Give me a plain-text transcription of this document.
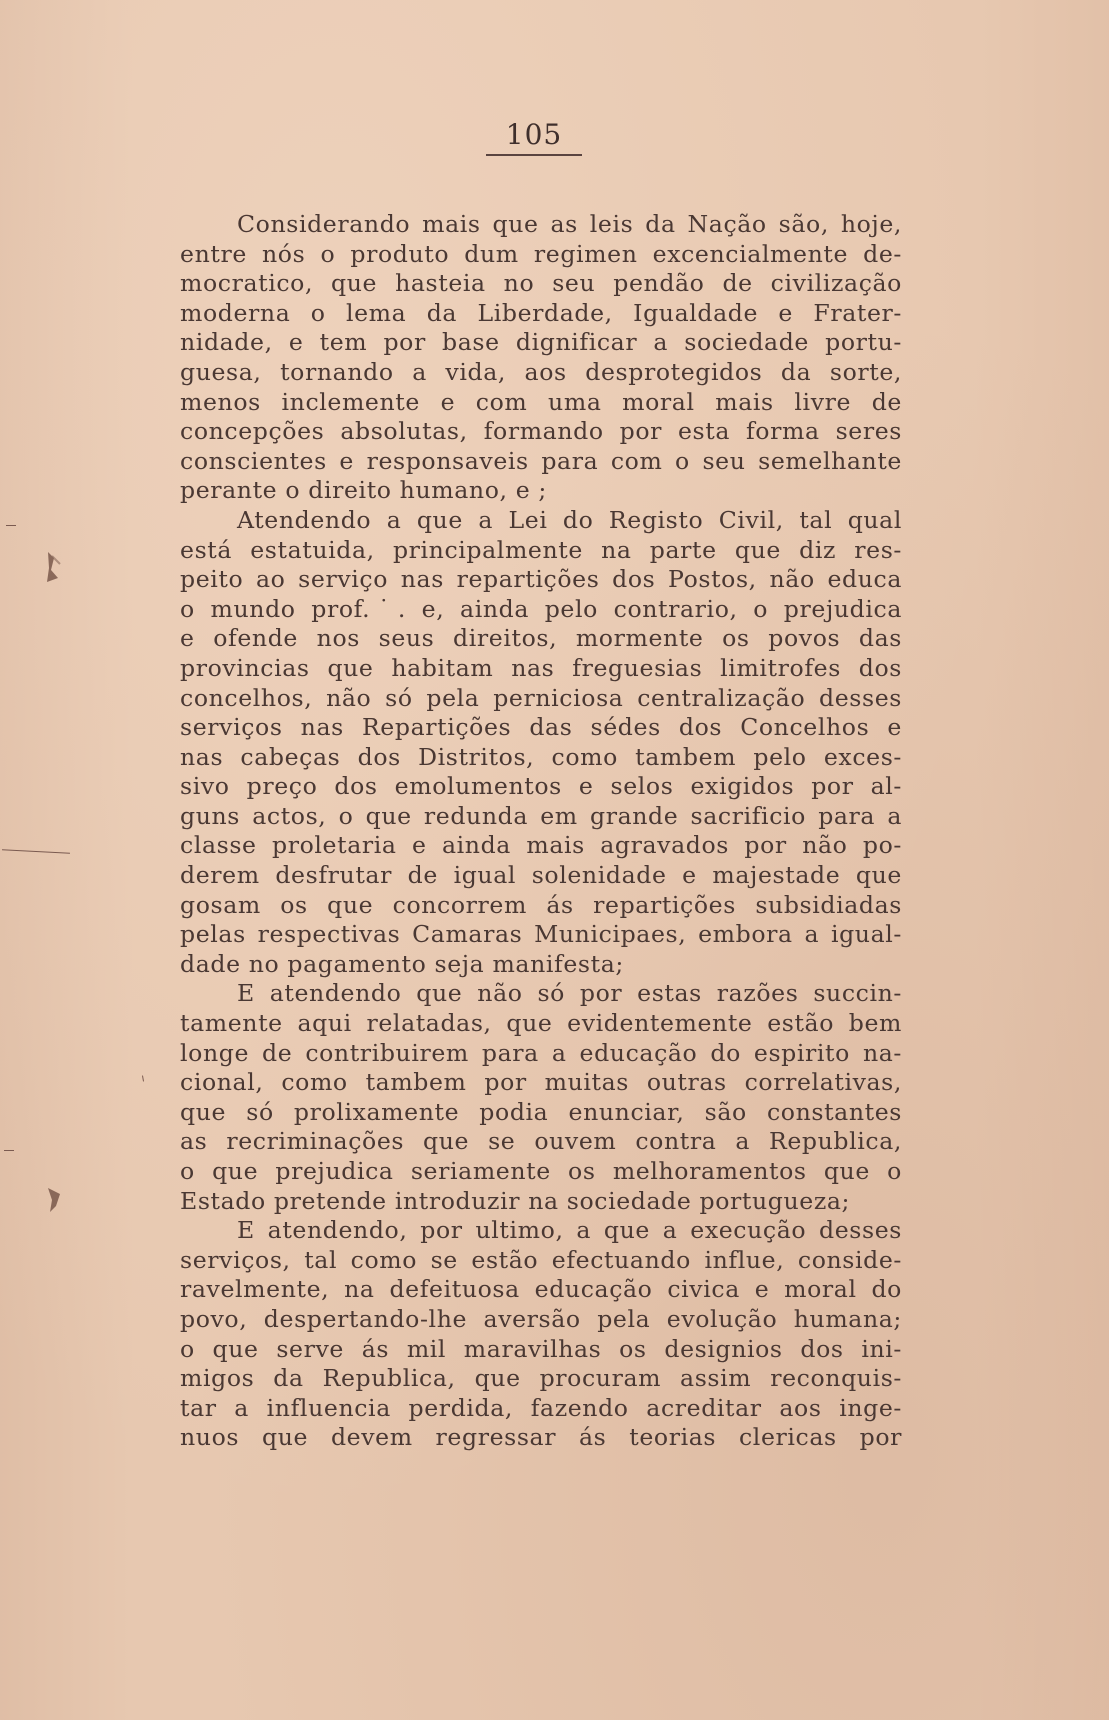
105
Considerando mais que as leis da Nação são, hoje,
entre nós o produto dum regimen excencialmente de-
mocratico, que hasteia no seu pendão de civilização
moderna o lema da Liberdade, Igualdade e Frater-
nidade, e tem por base dignificar a sociedade portu-
guesa, tornando a vida, aos desprotegidos da sorte,
menos inclemente e com uma moral mais livre de
concepções absolutas, formando por esta forma seres
conscientes e responsaveis para com o seu semelhante
perante o direito humano, e ;
Atendendo a que a Lei do Registo Civil, tal qual
está estatuida, principalmente na parte que diz res-
peito ao serviço nas repartições dos Postos, não educa
o mundo prof.˙. e, ainda pelo contrario, o prejudica
e ofende nos seus direitos, mormente os povos das
provincias que habitam nas freguesias limitrofes dos
concelhos, não só pela perniciosa centralização desses
serviços nas Repartições das sédes dos Concelhos e
nas cabeças dos Distritos, como tambem pelo exces-
sivo preço dos emolumentos e selos exigidos por al-
guns actos, o que redunda em grande sacrificio para a
classe proletaria e ainda mais agravados por não po-
derem desfrutar de igual solenidade e majestade que
gosam os que concorrem ás repartições subsidiadas
pelas respectivas Camaras Municipaes, embora a igual-
dade no pagamento seja manifesta;
E atendendo que não só por estas razões succin-
tamente aqui relatadas, que evidentemente estão bem
longe de contribuirem para a educação do espirito na-
cional, como tambem por muitas outras correlativas,
que só prolixamente podia enunciar, são constantes
as recriminações que se ouvem contra a Republica,
o que prejudica seriamente os melhoramentos que o
Estado pretende introduzir na sociedade portugueza;
E atendendo, por ultimo, a que a execução desses
serviços, tal como se estão efectuando influe, conside-
ravelmente, na defeituosa educação civica e moral do
povo, despertando-lhe aversão pela evolução humana;
o que serve ás mil maravilhas os designios dos ini-
migos da Republica, que procuram assim reconquis-
tar a influencia perdida, fazendo acreditar aos inge-
nuos que devem regressar ás teorias clericas por
